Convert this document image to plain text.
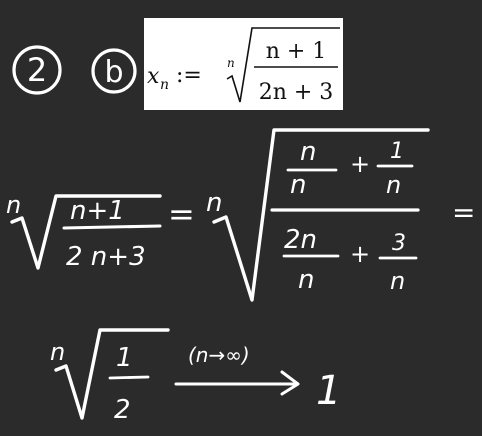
2 b x n := n n + 1
2n + 3
n n+1
2 n+3
= n
n
n
+ 1
n
2n
n
+ 3
n
=
n 1
2
(n→∞)
1
